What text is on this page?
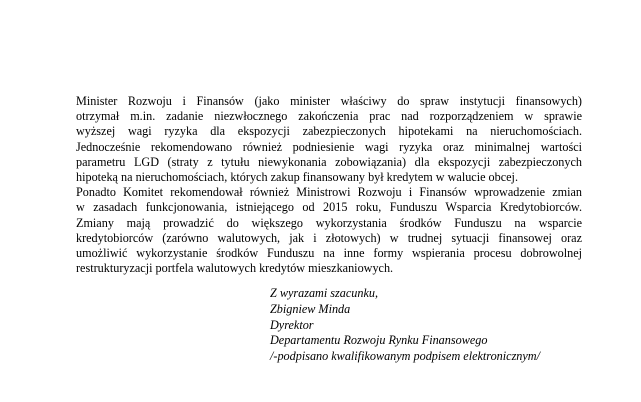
Minister Rozwoju i Finansów (jako minister właściwy do spraw instytucji finansowych)
otrzymał m.in. zadanie niezwłocznego zakończenia prac nad rozporządzeniem w sprawie
wyższej wagi ryzyka dla ekspozycji zabezpieczonych hipotekami na nieruchomościach.
Jednocześnie rekomendowano również podniesienie wagi ryzyka oraz minimalnej wartości
parametru LGD (straty z tytułu niewykonania zobowiązania) dla ekspozycji zabezpieczonych
hipoteką na nieruchomościach, których zakup finansowany był kredytem w walucie obcej.
Ponadto Komitet rekomendował również Ministrowi Rozwoju i Finansów wprowadzenie zmian
w zasadach funkcjonowania, istniejącego od 2015 roku, Funduszu Wsparcia Kredytobiorców.
Zmiany mają prowadzić do większego wykorzystania środków Funduszu na wsparcie
kredytobiorców (zarówno walutowych, jak i złotowych) w trudnej sytuacji finansowej oraz
umożliwić wykorzystanie środków Funduszu na inne formy wspierania procesu dobrowolnej
restrukturyzacji portfela walutowych kredytów mieszkaniowych.
Z wyrazami szacunku,
Zbigniew Minda
Dyrektor
Departamentu Rozwoju Rynku Finansowego
/-podpisano kwalifikowanym podpisem elektronicznym/
